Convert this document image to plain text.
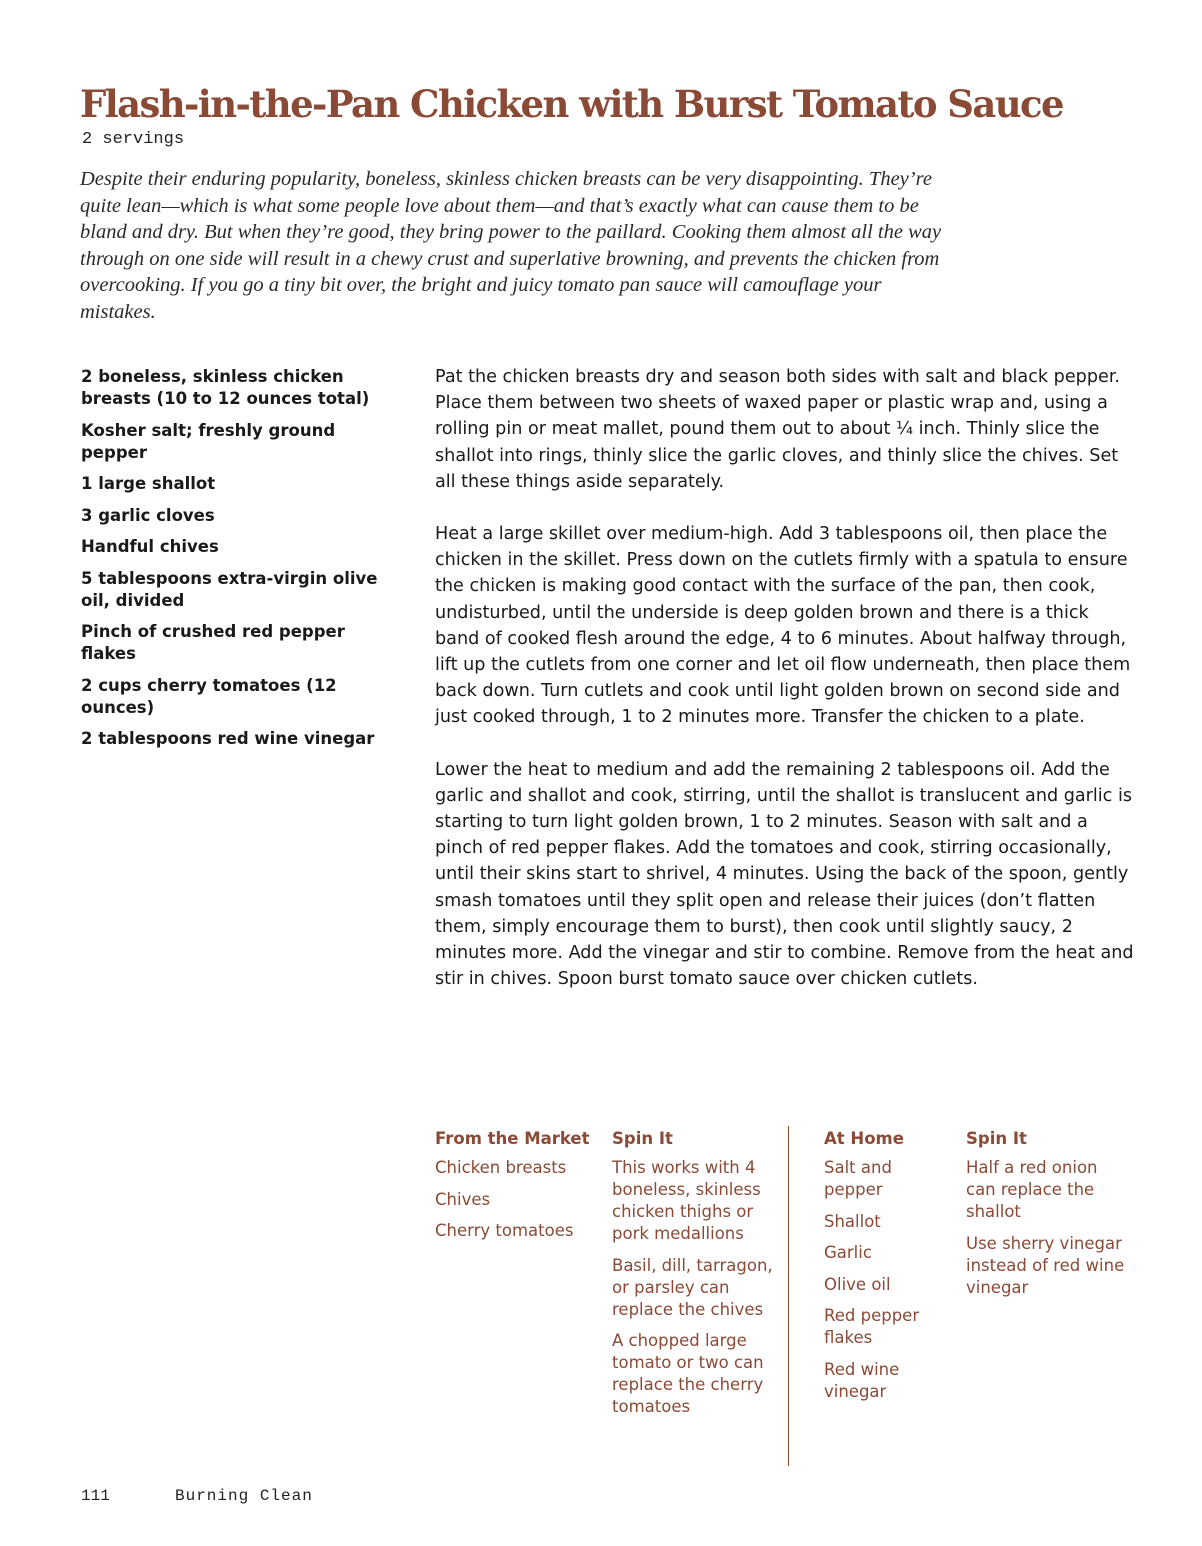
Flash-in-the-Pan Chicken with Burst Tomato Sauce
2 servings

Despite their enduring popularity, boneless, skinless chicken breasts can be very disappointing. They’re quite lean—which is what some people love about them—and that’s exactly what can cause them to be bland and dry. But when they’re good, they bring power to the paillard. Cooking them almost all the way through on one side will result in a chewy crust and superlative browning, and prevents the chicken from overcooking. If you go a tiny bit over, the bright and juicy tomato pan sauce will camouflage your mistakes.

2 boneless, skinless chicken breasts (10 to 12 ounces total)
Kosher salt; freshly ground pepper
1 large shallot
3 garlic cloves
Handful chives
5 tablespoons extra-virgin olive oil, divided
Pinch of crushed red pepper flakes
2 cups cherry tomatoes (12 ounces)
2 tablespoons red wine vinegar

Pat the chicken breasts dry and season both sides with salt and black pepper. Place them between two sheets of waxed paper or plastic wrap and, using a rolling pin or meat mallet, pound them out to about ¼ inch. Thinly slice the shallot into rings, thinly slice the garlic cloves, and thinly slice the chives. Set all these things aside separately.

Heat a large skillet over medium-high. Add 3 tablespoons oil, then place the chicken in the skillet. Press down on the cutlets firmly with a spatula to ensure the chicken is making good contact with the surface of the pan, then cook, undisturbed, until the underside is deep golden brown and there is a thick band of cooked flesh around the edge, 4 to 6 minutes. About halfway through, lift up the cutlets from one corner and let oil flow underneath, then place them back down. Turn cutlets and cook until light golden brown on second side and just cooked through, 1 to 2 minutes more. Transfer the chicken to a plate.

Lower the heat to medium and add the remaining 2 tablespoons oil. Add the garlic and shallot and cook, stirring, until the shallot is translucent and garlic is starting to turn light golden brown, 1 to 2 minutes. Season with salt and a pinch of red pepper flakes. Add the tomatoes and cook, stirring occasionally, until their skins start to shrivel, 4 minutes. Using the back of the spoon, gently smash tomatoes until they split open and release their juices (don’t flatten them, simply encourage them to burst), then cook until slightly saucy, 2 minutes more. Add the vinegar and stir to combine. Remove from the heat and stir in chives. Spoon burst tomato sauce over chicken cutlets.

From the Market
Chicken breasts
Chives
Cherry tomatoes
Spin It
This works with 4 boneless, skinless chicken thighs or pork medallions
Basil, dill, tarragon, or parsley can replace the chives
A chopped large tomato or two can replace the cherry tomatoes
At Home
Salt and pepper
Shallot
Garlic
Olive oil
Red pepper flakes
Red wine vinegar
Spin It
Half a red onion can replace the shallot
Use sherry vinegar instead of red wine vinegar
111	Burning Clean
